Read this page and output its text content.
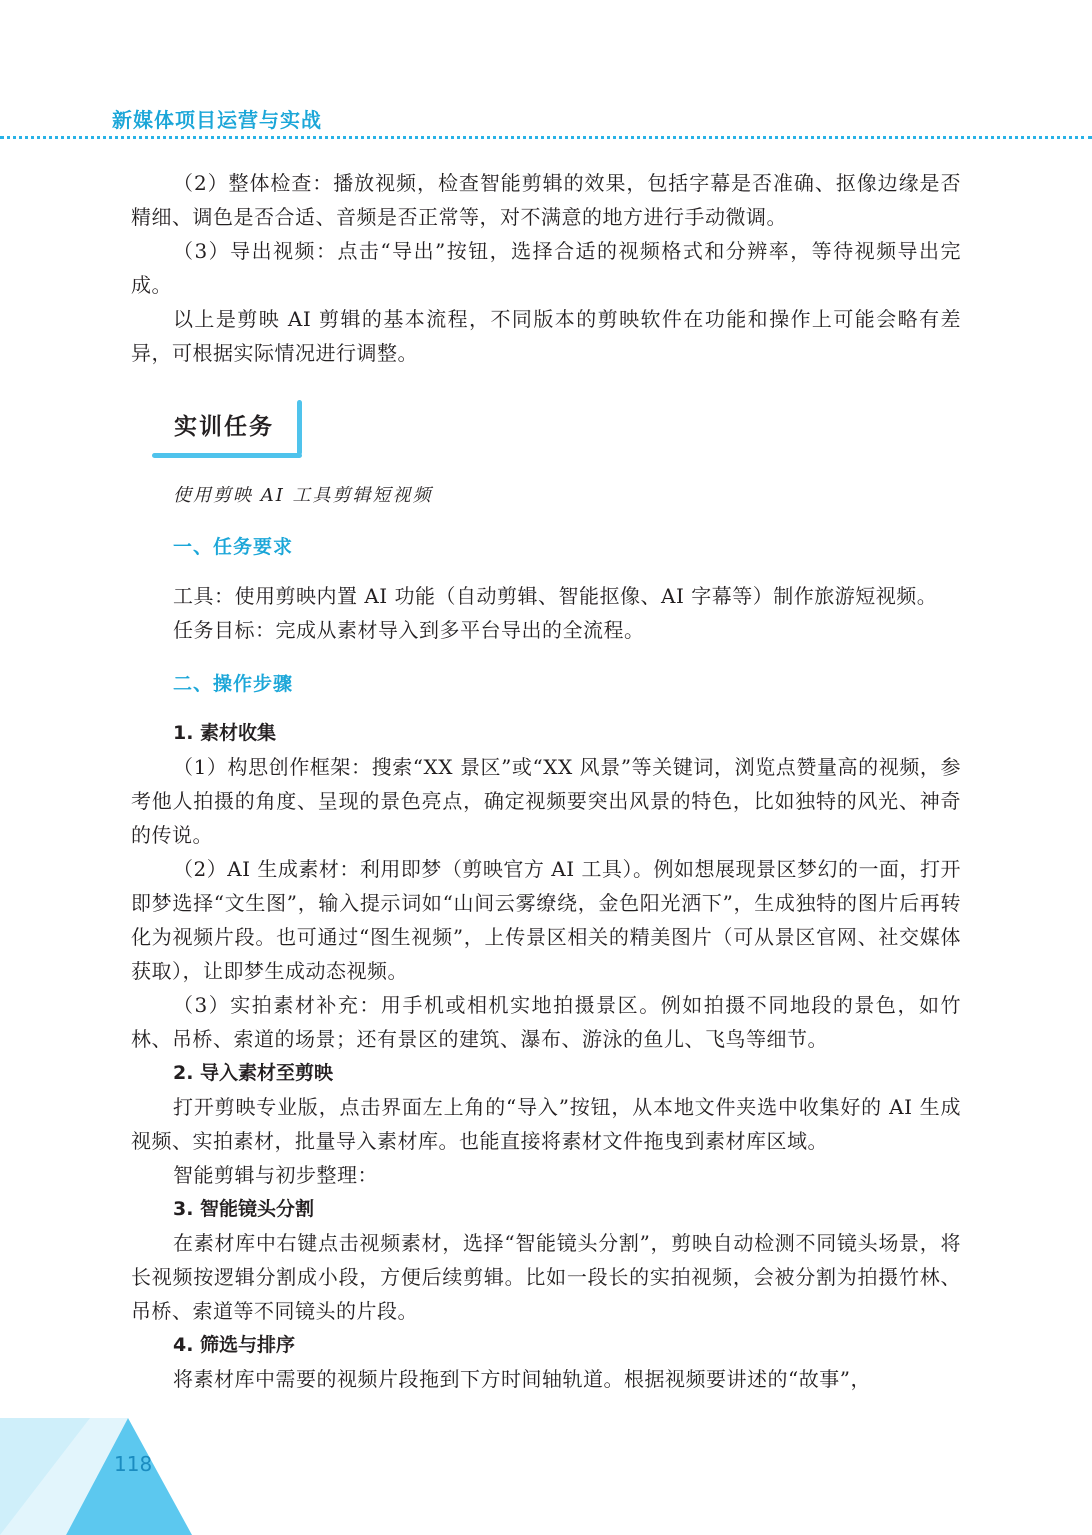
新媒体项目运营与实战

（2）整体检查：播放视频，检查智能剪辑的效果，包括字幕是否准确、抠像边缘是否精细、调色是否合适、音频是否正常等，对不满意的地方进行手动微调。

（3）导出视频：点击“导出”按钮，选择合适的视频格式和分辨率，等待视频导出完成。

以上是剪映 AI 剪辑的基本流程，不同版本的剪映软件在功能和操作上可能会略有差异，可根据实际情况进行调整。

实训任务
使用剪映 AI 工具剪辑短视频
一、任务要求

工具：使用剪映内置 AI 功能（自动剪辑、智能抠像、AI 字幕等）制作旅游短视频。

任务目标：完成从素材导入到多平台导出的全流程。

二、操作步骤
1. 素材收集

（1）构思创作框架：搜索“XX 景区”或“XX 风景”等关键词，浏览点赞量高的视频，参考他人拍摄的角度、呈现的景色亮点，确定视频要突出风景的特色，比如独特的风光、神奇的传说。

（2）AI 生成素材：利用即梦（剪映官方 AI 工具）。例如想展现景区梦幻的一面，打开即梦选择“文生图”，输入提示词如“山间云雾缭绕，金色阳光洒下”，生成独特的图片后再转化为视频片段。也可通过“图生视频”，上传景区相关的精美图片（可从景区官网、社交媒体获取），让即梦生成动态视频。

（3）实拍素材补充：用手机或相机实地拍摄景区。例如拍摄不同地段的景色，如竹林、吊桥、索道的场景；还有景区的建筑、瀑布、游泳的鱼儿、飞鸟等细节。

2. 导入素材至剪映

打开剪映专业版，点击界面左上角的“导入”按钮，从本地文件夹选中收集好的 AI 生成视频、实拍素材，批量导入素材库。也能直接将素材文件拖曳到素材库区域。

智能剪辑与初步整理：

3. 智能镜头分割

在素材库中右键点击视频素材，选择“智能镜头分割”，剪映自动检测不同镜头场景，将长视频按逻辑分割成小段，方便后续剪辑。比如一段长的实拍视频，会被分割为拍摄竹林、吊桥、索道等不同镜头的片段。

4. 筛选与排序

将素材库中需要的视频片段拖到下方时间轴轨道。根据视频要讲述的“故事”，

118
